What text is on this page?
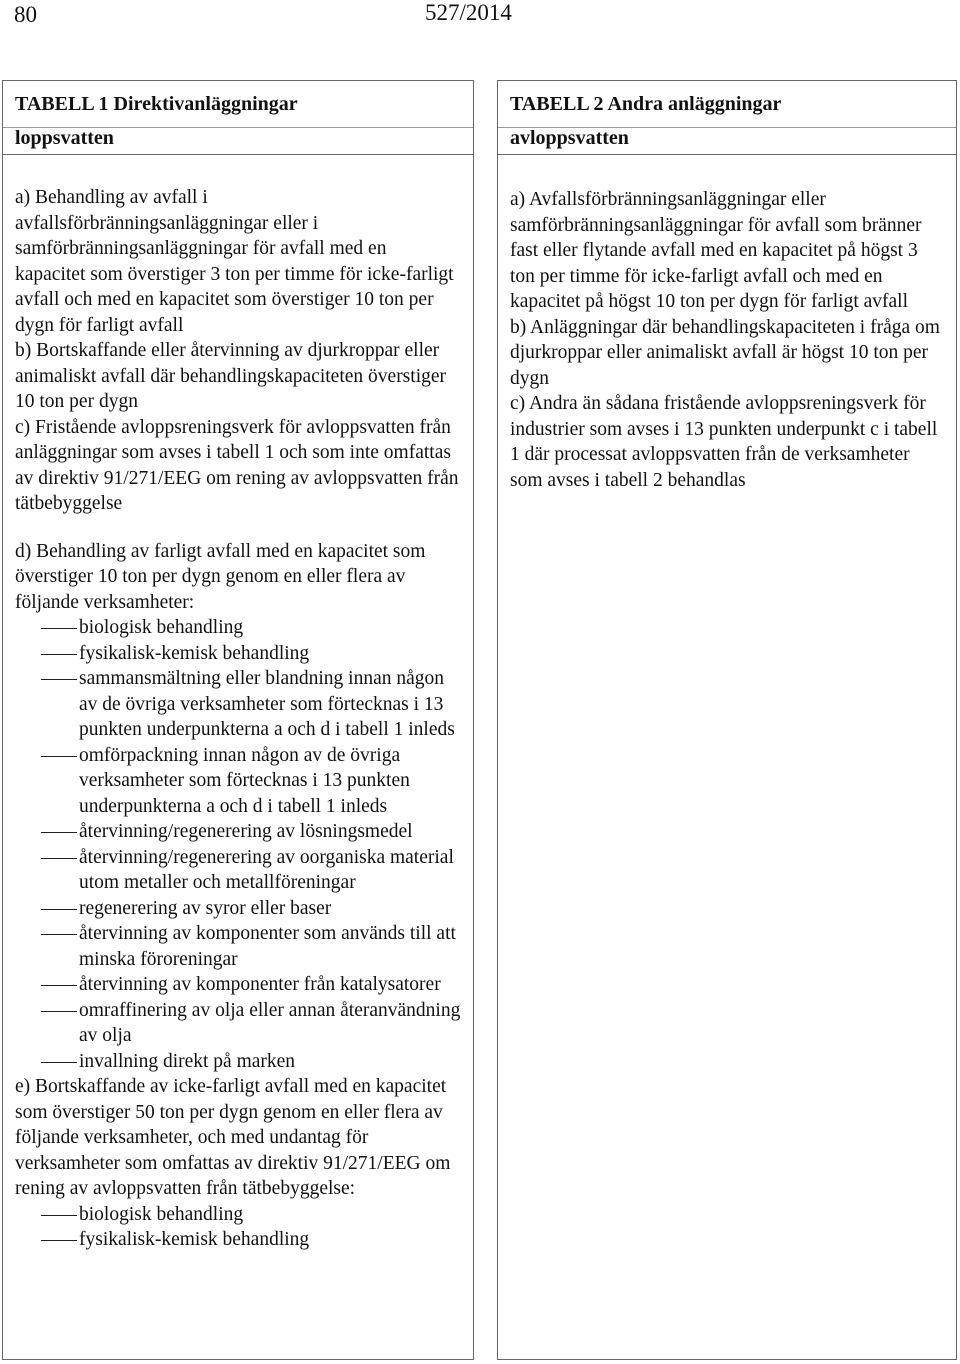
80	527/2014
TABELL 1 Direktivanläggningar
loppsvatten

a) Behandling av avfall i avfallsförbränningsanläggningar eller i samförbränningsanläggningar för avfall med en kapacitet som överstiger 3 ton per timme för icke-farligt avfall och med en kapacitet som överstiger 10 ton per dygn för farligt avfall

b) Bortskaffande eller återvinning av djurkroppar eller animaliskt avfall där behandlingskapaciteten överstiger 10 ton per dygn

c) Fristående avloppsreningsverk för avloppsvatten från anläggningar som avses i tabell 1 och som inte omfattas av direktiv 91/271/EEG om rening av avloppsvatten från tätbebyggelse

d) Behandling av farligt avfall med en kapacitet som överstiger 10 ton per dygn genom en eller flera av följande verksamheter:

biologisk behandling
fysikalisk-kemisk behandling
sammansmältning eller blandning innan någon av de övriga verksamheter som förtecknas i 13 punkten underpunkterna a och d i tabell 1 inleds
omförpackning innan någon av de övriga verksamheter som förtecknas i 13 punkten underpunkterna a och d i tabell 1 inleds
återvinning/regenerering av lösningsmedel
återvinning/regenerering av oorganiska material utom metaller och metallföreningar
regenerering av syror eller baser
återvinning av komponenter som används till att minska föroreningar
återvinning av komponenter från katalysatorer
omraffinering av olja eller annan återanvändning av olja
invallning direkt på marken

e) Bortskaffande av icke-farligt avfall med en kapacitet som överstiger 50 ton per dygn genom en eller flera av följande verksamheter, och med undantag för verksamheter som omfattas av direktiv 91/271/EEG om rening av avloppsvatten från tätbebyggelse:

biologisk behandling
fysikalisk-kemisk behandling
TABELL 2 Andra anläggningar
avloppsvatten

a) Avfallsförbränningsanläggningar eller samförbränningsanläggningar för avfall som bränner fast eller flytande avfall med en kapacitet på högst 3 ton per timme för icke-farligt avfall och med en kapacitet på högst 10 ton per dygn för farligt avfall

b) Anläggningar där behandlingskapaciteten i fråga om djurkroppar eller animaliskt avfall är högst 10 ton per dygn

c) Andra än sådana fristående avloppsreningsverk för industrier som avses i 13 punkten underpunkt c i tabell 1 där processat avloppsvatten från de verksamheter som avses i tabell 2 behandlas
